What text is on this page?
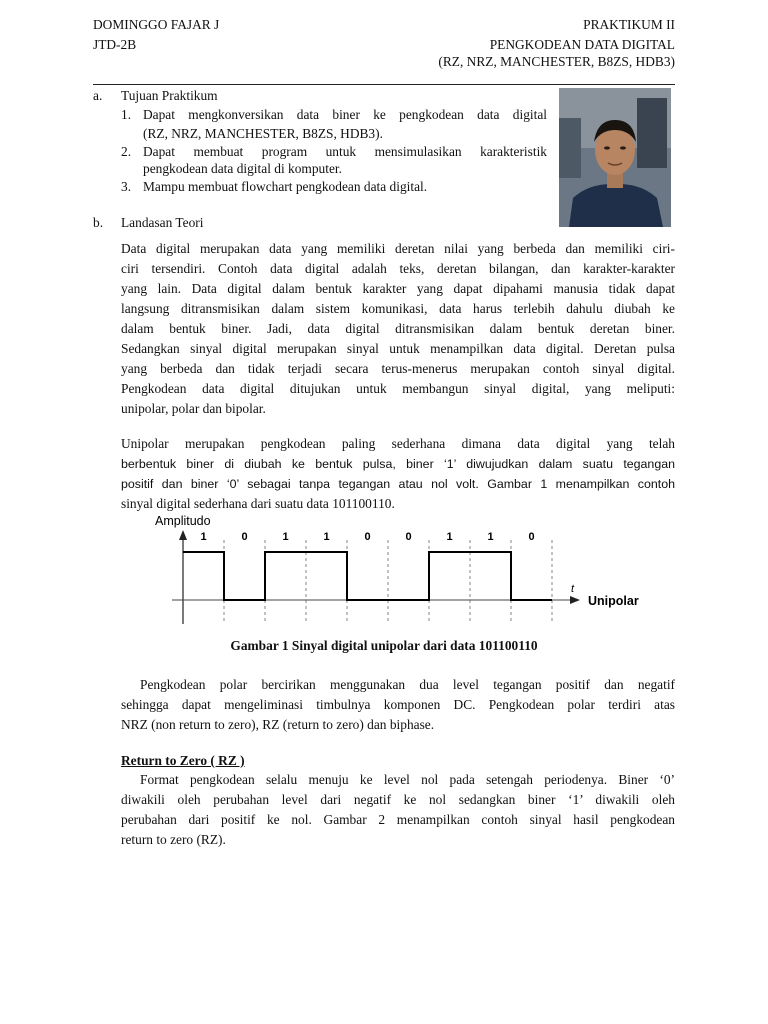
DOMINGGO FAJAR J
JTD-2B
PRAKTIKUM II
PENGKODEAN DATA DIGITAL
(RZ, NRZ, MANCHESTER, B8ZS, HDB3)
a. Tujuan Praktikum
1. Dapat mengkonversikan data biner ke pengkodean data digital
(RZ, NRZ, MANCHESTER, B8ZS, HDB3).
2. Dapat membuat program untuk mensimulasikan karakteristik
pengkodean data digital di komputer.
3. Mampu membuat flowchart pengkodean data digital.
b. Landasan Teori
Data digital merupakan data yang memiliki deretan nilai yang berbeda dan memiliki ciri-
ciri tersendiri. Contoh data digital adalah teks, deretan bilangan, dan karakter-karakter
yang lain. Data digital dalam bentuk karakter yang dapat dipahami manusia tidak dapat
langsung ditransmisikan dalam sistem komunikasi, data harus terlebih dahulu diubah ke
dalam bentuk biner. Jadi, data digital ditransmisikan dalam bentuk deretan biner.
Sedangkan sinyal digital merupakan sinyal untuk menampilkan data digital. Deretan pulsa
yang berbeda dan tidak terjadi secara terus-menerus merupakan contoh sinyal digital.
Pengkodean data digital ditujukan untuk membangun sinyal digital, yang meliputi:
unipolar, polar dan bipolar.
Unipolar merupakan pengkodean paling sederhana dimana data digital yang telah
berbentuk biner di diubah ke bentuk pulsa, biner ‘1’ diwujudkan dalam suatu tegangan
positif dan biner ‘0’ sebagai tanpa tegangan atau nol volt. Gambar 1 menampilkan contoh
sinyal digital sederhana dari suatu data 101100110.
Amplitudo
t
Unipolar
1	0	1	1	0	0	1	1	0
Gambar 1 Sinyal digital unipolar dari data 101100110
Pengkodean polar bercirikan menggunakan dua level tegangan positif dan negatif
sehingga dapat mengeliminasi timbulnya komponen DC. Pengkodean polar terdiri atas
NRZ (non return to zero), RZ (return to zero) dan biphase.
Return to Zero ( RZ )
Format pengkodean selalu menuju ke level nol pada setengah periodenya. Biner ‘0’
diwakili oleh perubahan level dari negatif ke nol sedangkan biner ‘1’ diwakili oleh
perubahan dari positif ke nol. Gambar 2 menampilkan contoh sinyal hasil pengkodean
return to zero (RZ).
